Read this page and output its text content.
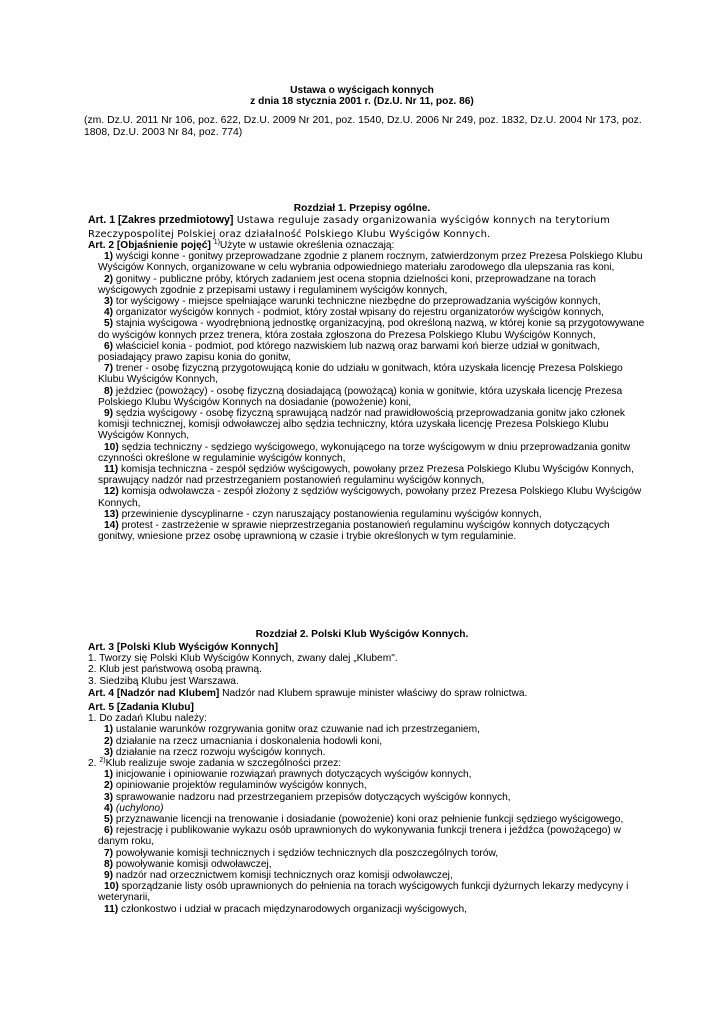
Ustawa o wyścigach konnych
z dnia 18 stycznia 2001 r. (Dz.U. Nr 11, poz. 86)
(zm. Dz.U. 2011 Nr 106, poz. 622, Dz.U. 2009 Nr 201, poz. 1540, Dz.U. 2006 Nr 249, poz. 1832, Dz.U. 2004 Nr 173, poz. 1808, Dz.U. 2003 Nr 84, poz. 774)
Rozdział 1. Przepisy ogólne.
Art. 1 [Zakres przedmiotowy] Ustawa reguluje zasady organizowania wyścigów konnych na terytorium Rzeczypospolitej Polskiej oraz działalność Polskiego Klubu Wyścigów Konnych.

Art. 2 [Objaśnienie pojęć] $^{1)}$Użyte w ustawie określenia oznaczają:

1) wyścigi konne - gonitwy przeprowadzane zgodnie z planem rocznym, zatwierdzonym przez Prezesa Polskiego Klubu Wyścigów Konnych, organizowane w celu wybrania odpowiedniego materiału zarodowego dla ulepszania ras koni,

2) gonitwy - publiczne próby, których zadaniem jest ocena stopnia dzielności koni, przeprowadzane na torach wyścigowych zgodnie z przepisami ustawy i regulaminem wyścigów konnych,

3) tor wyścigowy - miejsce spełniające warunki techniczne niezbędne do przeprowadzania wyścigów konnych,

4) organizator wyścigów konnych - podmiot, który został wpisany do rejestru organizatorów wyścigów konnych,

5) stajnia wyścigowa - wyodrębnioną jednostkę organizacyjną, pod określoną nazwą, w której konie są przygotowywane do wyścigów konnych przez trenera, która została zgłoszona do Prezesa Polskiego Klubu Wyścigów Konnych,

6) właściciel konia - podmiot, pod którego nazwiskiem lub nazwą oraz barwami koń bierze udział w gonitwach, posiadający prawo zapisu konia do gonitw,

7) trener - osobę fizyczną przygotowującą konie do udziału w gonitwach, która uzyskała licencję Prezesa Polskiego Klubu Wyścigów Konnych,

8) jeździec (powożący) - osobę fizyczną dosiadającą (powożącą) konia w gonitwie, która uzyskała licencję Prezesa Polskiego Klubu Wyścigów Konnych na dosiadanie (powożenie) koni,

9) sędzia wyścigowy - osobę fizyczną sprawującą nadzór nad prawidłowością przeprowadzania gonitw jako członek komisji technicznej, komisji odwoławczej albo sędzia techniczny, która uzyskała licencję Prezesa Polskiego Klubu Wyścigów Konnych,

10) sędzia techniczny - sędziego wyścigowego, wykonującego na torze wyścigowym w dniu przeprowadzania gonitw czynności określone w regulaminie wyścigów konnych,

11) komisja techniczna - zespół sędziów wyścigowych, powołany przez Prezesa Polskiego Klubu Wyścigów Konnych, sprawujący nadzór nad przestrzeganiem postanowień regulaminu wyścigów konnych,

12) komisja odwoławcza - zespół złożony z sędziów wyścigowych, powołany przez Prezesa Polskiego Klubu Wyścigów Konnych,

13) przewinienie dyscyplinarne - czyn naruszający postanowienia regulaminu wyścigów konnych,

14) protest - zastrzeżenie w sprawie nieprzestrzegania postanowień regulaminu wyścigów konnych dotyczących gonitwy, wniesione przez osobę uprawnioną w czasie i trybie określonych w tym regulaminie.

Rozdział 2. Polski Klub Wyścigów Konnych.

Art. 3 [Polski Klub Wyścigów Konnych]

1. Tworzy się Polski Klub Wyścigów Konnych, zwany dalej „Klubem".

2. Klub jest państwową osobą prawną.

3. Siedzibą Klubu jest Warszawa.

Art. 4 [Nadzór nad Klubem] Nadzór nad Klubem sprawuje minister właściwy do spraw rolnictwa.

Art. 5 [Zadania Klubu]

1. Do zadań Klubu należy:

1) ustalanie warunków rozgrywania gonitw oraz czuwanie nad ich przestrzeganiem,

2) działanie na rzecz umacniania i doskonalenia hodowli koni,

3) działanie na rzecz rozwoju wyścigów konnych.

2. $^{2)}$Klub realizuje swoje zadania w szczególności przez:

1) inicjowanie i opiniowanie rozwiązań prawnych dotyczących wyścigów konnych,

2) opiniowanie projektów regulaminów wyścigów konnych,

3) sprawowanie nadzoru nad przestrzeganiem przepisów dotyczących wyścigów konnych,

4) (uchylono)

5) przyznawanie licencji na trenowanie i dosiadanie (powożenie) koni oraz pełnienie funkcji sędziego wyścigowego,

6) rejestrację i publikowanie wykazu osób uprawnionych do wykonywania funkcji trenera i jeźdźca (powożącego) w danym roku,

7) powoływanie komisji technicznych i sędziów technicznych dla poszczególnych torów,

8) powoływanie komisji odwoławczej,

9) nadzór nad orzecznictwem komisji technicznych oraz komisji odwoławczej,

10) sporządzanie listy osób uprawnionych do pełnienia na torach wyścigowych funkcji dyżurnych lekarzy medycyny i weterynarii,

11) członkostwo i udział w pracach międzynarodowych organizacji wyścigowych,
